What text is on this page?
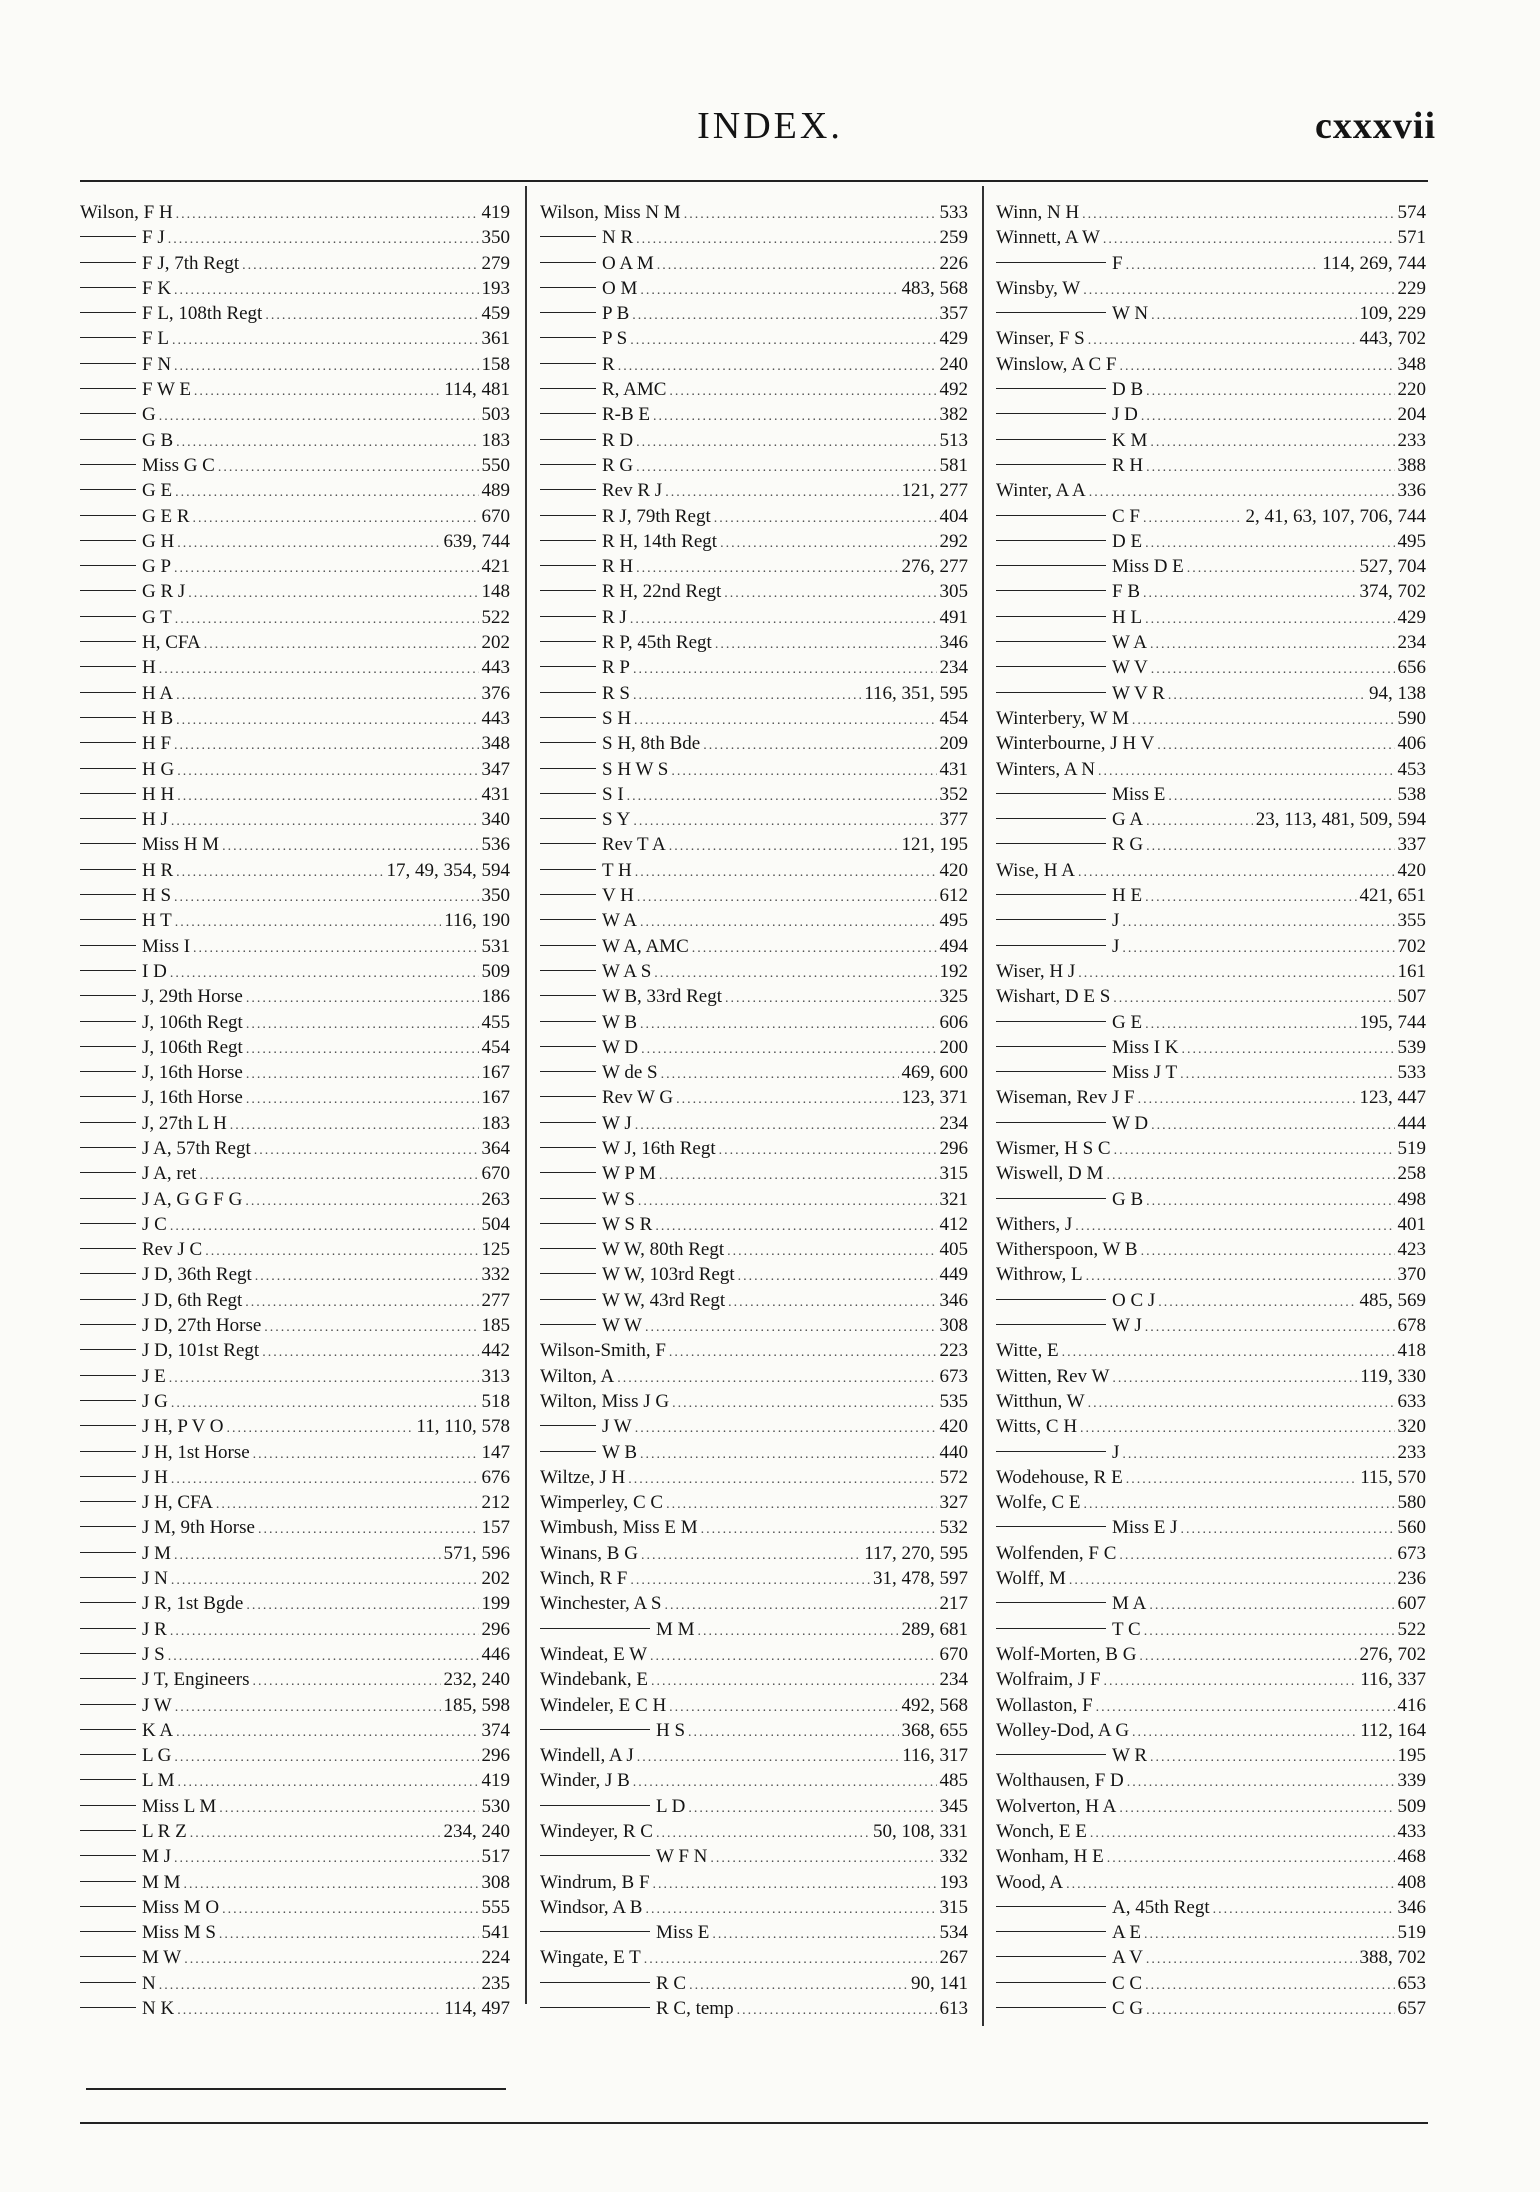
INDEX.	cxxxvii
Wilson, F H .....	419
F J .....	350
F J, 7th Regt .....	279
F K .....	193
F L, 108th Regt .....	459
F L .....	361
F N .....	158
F W E .....	114, 481
G .....	503
G B .....	183
Miss G C .....	550
G E .....	489
G E R .....	670
G H .....	639, 744
G P .....	421
G R J .....	148
G T .....	522
H, CFA .....	202
H .....	443
H A .....	376
H B .....	443
H F .....	348
H G .....	347
H H .....	431
H J .....	340
Miss H M .....	536
H R .....	17, 49, 354, 594
H S .....	350
H T .....	116, 190
Miss I .....	531
I D .....	509
J, 29th Horse .....	186
J, 106th Regt .....	455
J, 106th Regt .....	454
J, 16th Horse .....	167
J, 16th Horse .....	167
J, 27th L H .....	183
J A, 57th Regt .....	364
J A, ret .....	670
J A, G G F G .....	263
J C .....	504
Rev J C .....	125
J D, 36th Regt .....	332
J D, 6th Regt .....	277
J D, 27th Horse .....	185
J D, 101st Regt .....	442
J E .....	313
J G .....	518
J H, P V O .....	11, 110, 578
J H, 1st Horse .....	147
J H .....	676
J H, CFA .....	212
J M, 9th Horse .....	157
J M .....	571, 596
J N .....	202
J R, 1st Bgde .....	199
J R .....	296
J S .....	446
J T, Engineers .....	232, 240
J W .....	185, 598
K A .....	374
L G .....	296
L M .....	419
Miss L M .....	530
L R Z .....	234, 240
M J .....	517
M M .....	308
Miss M O .....	555
Miss M S .....	541
M W .....	224
N .....	235
N K .....	114, 497
Wilson, Miss N M .....	533
N R .....	259
O A M .....	226
O M .....	483, 568
P B .....	357
P S .....	429
R .....	240
R, AMC .....	492
R-B E .....	382
R D .....	513
R G .....	581
Rev R J .....	121, 277
R J, 79th Regt .....	404
R H, 14th Regt .....	292
R H .....	276, 277
R H, 22nd Regt .....	305
R J .....	491
R P, 45th Regt .....	346
R P .....	234
R S .....	116, 351, 595
S H .....	454
S H, 8th Bde .....	209
S H W S .....	431
S I .....	352
S Y .....	377
Rev T A .....	121, 195
T H .....	420
V H .....	612
W A .....	495
W A, AMC .....	494
W A S .....	192
W B, 33rd Regt .....	325
W B .....	606
W D .....	200
W de S .....	469, 600
Rev W G .....	123, 371
W J .....	234
W J, 16th Regt .....	296
W P M .....	315
W S .....	321
W S R .....	412
W W, 80th Regt .....	405
W W, 103rd Regt .....	449
W W, 43rd Regt .....	346
W W .....	308
Wilson-Smith, F .....	223
Wilton, A .....	673
Wilton, Miss J G .....	535
J W .....	420
W B .....	440
Wiltze, J H .....	572
Wimperley, C C .....	327
Wimbush, Miss E M .....	532
Winans, B G .....	117, 270, 595
Winch, R F .....	31, 478, 597
Winchester, A S .....	217
M M .....	289, 681
Windeat, E W .....	670
Windebank, E .....	234
Windeler, E C H .....	492, 568
H S .....	368, 655
Windell, A J .....	116, 317
Winder, J B .....	485
L D .....	345
Windeyer, R C .....	50, 108, 331
W F N .....	332
Windrum, B F .....	193
Windsor, A B .....	315
Miss E .....	534
Wingate, E T .....	267
R C .....	90, 141
R C, temp .....	613
Winn, N H .....	574
Winnett, A W .....	571
F .....	114, 269, 744
Winsby, W .....	229
W N .....	109, 229
Winser, F S .....	443, 702
Winslow, A C F .....	348
D B .....	220
J D .....	204
K M .....	233
R H .....	388
Winter, A A .....	336
C F .....	2, 41, 63, 107, 706, 744
D E .....	495
Miss D E .....	527, 704
F B .....	374, 702
H L .....	429
W A .....	234
W V .....	656
W V R .....	94, 138
Winterbery, W M .....	590
Winterbourne, J H V .....	406
Winters, A N .....	453
Miss E .....	538
G A .....	23, 113, 481, 509, 594
R G .....	337
Wise, H A .....	420
H E .....	421, 651
J .....	355
J .....	702
Wiser, H J .....	161
Wishart, D E S .....	507
G E .....	195, 744
Miss I K .....	539
Miss J T .....	533
Wiseman, Rev J F .....	123, 447
W D .....	444
Wismer, H S C .....	519
Wiswell, D M .....	258
G B .....	498
Withers, J .....	401
Witherspoon, W B .....	423
Withrow, L .....	370
O C J .....	485, 569
W J .....	678
Witte, E .....	418
Witten, Rev W .....	119, 330
Witthun, W .....	633
Witts, C H .....	320
J .....	233
Wodehouse, R E .....	115, 570
Wolfe, C E .....	580
Miss E J .....	560
Wolfenden, F C .....	673
Wolff, M .....	236
M A .....	607
T C .....	522
Wolf-Morten, B G .....	276, 702
Wolfraim, J F .....	116, 337
Wollaston, F .....	416
Wolley-Dod, A G .....	112, 164
W R .....	195
Wolthausen, F D .....	339
Wolverton, H A .....	509
Wonch, E E .....	433
Wonham, H E .....	468
Wood, A .....	408
A, 45th Regt .....	346
A E .....	519
A V .....	388, 702
C C .....	653
C G .....	657
